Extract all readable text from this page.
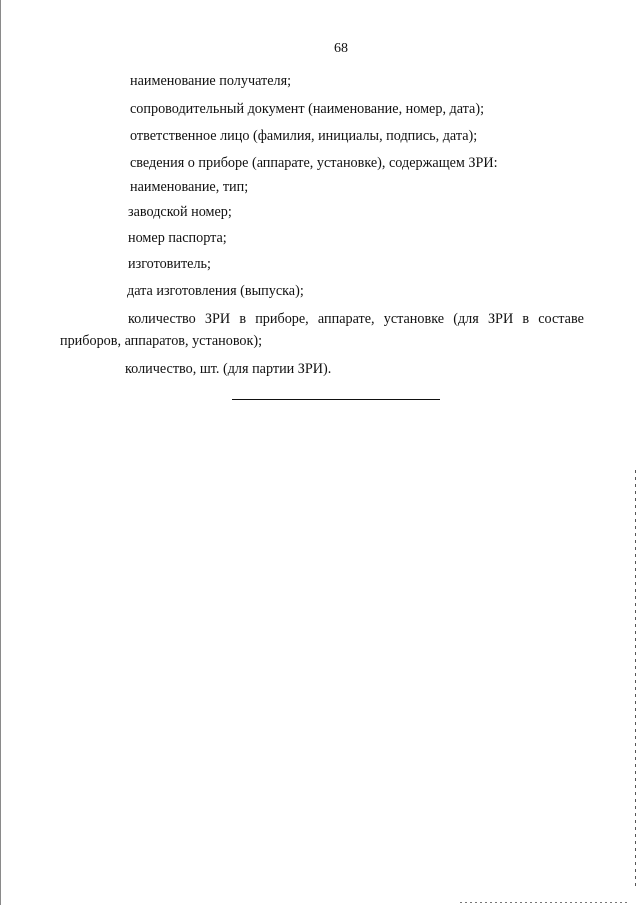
68
наименование получателя;
сопроводительный документ (наименование, номер, дата);
ответственное лицо (фамилия, инициалы, подпись, дата);
сведения о приборе (аппарате, установке), содержащем ЗРИ:
наименование, тип;
заводской номер;
номер паспорта;
изготовитель;
дата изготовления (выпуска);
количество ЗРИ в приборе, аппарате, установке (для ЗРИ в составе
приборов, аппаратов, установок);
количество, шт. (для партии ЗРИ).
